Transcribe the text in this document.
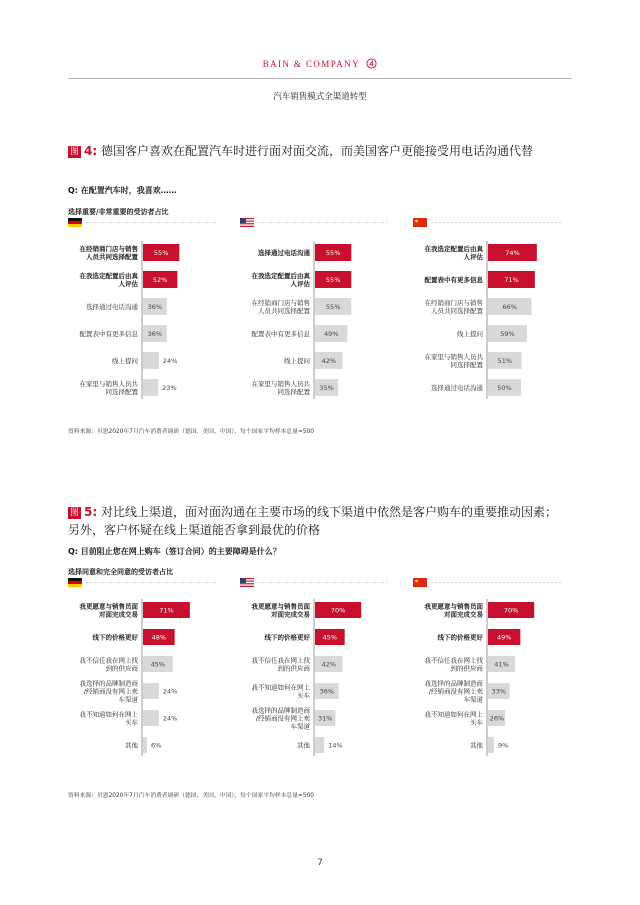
BAIN & COMPANY
汽车销售模式全渠道转型
图 4: 德国客户喜欢在配置汽车时进行面对面交流，而美国客户更能接受用电话沟通代替
Q: 在配置汽车时，我喜欢……
选择重要/非常重要的受访者占比
在经销商门店与销售人员共同选择配置
55%
在我选定配置后由真人评估
52%
选择通过电话沟通 36%
配置表中有更多信息 36%
线上提问	24%
在家里与销售人员共同选择配置
23%
选择通过电话沟通 55%
在我选定配置后由真人评估
55%
在经销商门店与销售人员共同选择配置
55%
配置表中有更多信息 49%
线上提问 42%
在家里与销售人员共同选择配置
35%
在我选定配置后由真人评估
74%
配置表中有更多信息	71%
在经销商门店与销售人员共同选择配置
66%
线上提问	59%
在家里与销售人员共同选择配置
51%
选择通过电话沟通 50%
资料来源：贝恩2020年7月汽车消费者调研（德国、美国、中国），每个国家平均样本总量=500
图 5: 对比线上渠道，面对面沟通在主要市场的线下渠道中依然是客户购车的重要推动因素；另外，客户怀疑在线上渠道能否拿到最优的价格
Q: 目前阻止您在网上购车（签订合同）的主要障碍是什么？
选择同意和完全同意的受访者占比
我更愿意与销售员面对面完成交易
71%
线下的价格更好 48%
我不信任我在网上找到的供应商
45%
我选择的品牌制造商/经销商没有网上卖车渠道
24%
我不知道如何在网上买车
24%
其他 6%
我更愿意与销售员面对面完成交易
70%
线下的价格更好 45%
我不信任我在网上找到的供应商
42%
我不知道如何在网上买车
36%
我选择的品牌制造商/经销商没有网上卖车渠道
31%
其他	14%
我更愿意与销售员面对面完成交易
70%
线下的价格更好 49%
我不信任我在网上找到的供应商
41%
我选择的品牌制造商/经销商没有网上卖车渠道
33%
我不知道如何在网上买车
26%
其他 9%
资料来源：贝恩2020年7月汽车消费者调研（德国、美国、中国），每个国家平均样本总量=500
7
